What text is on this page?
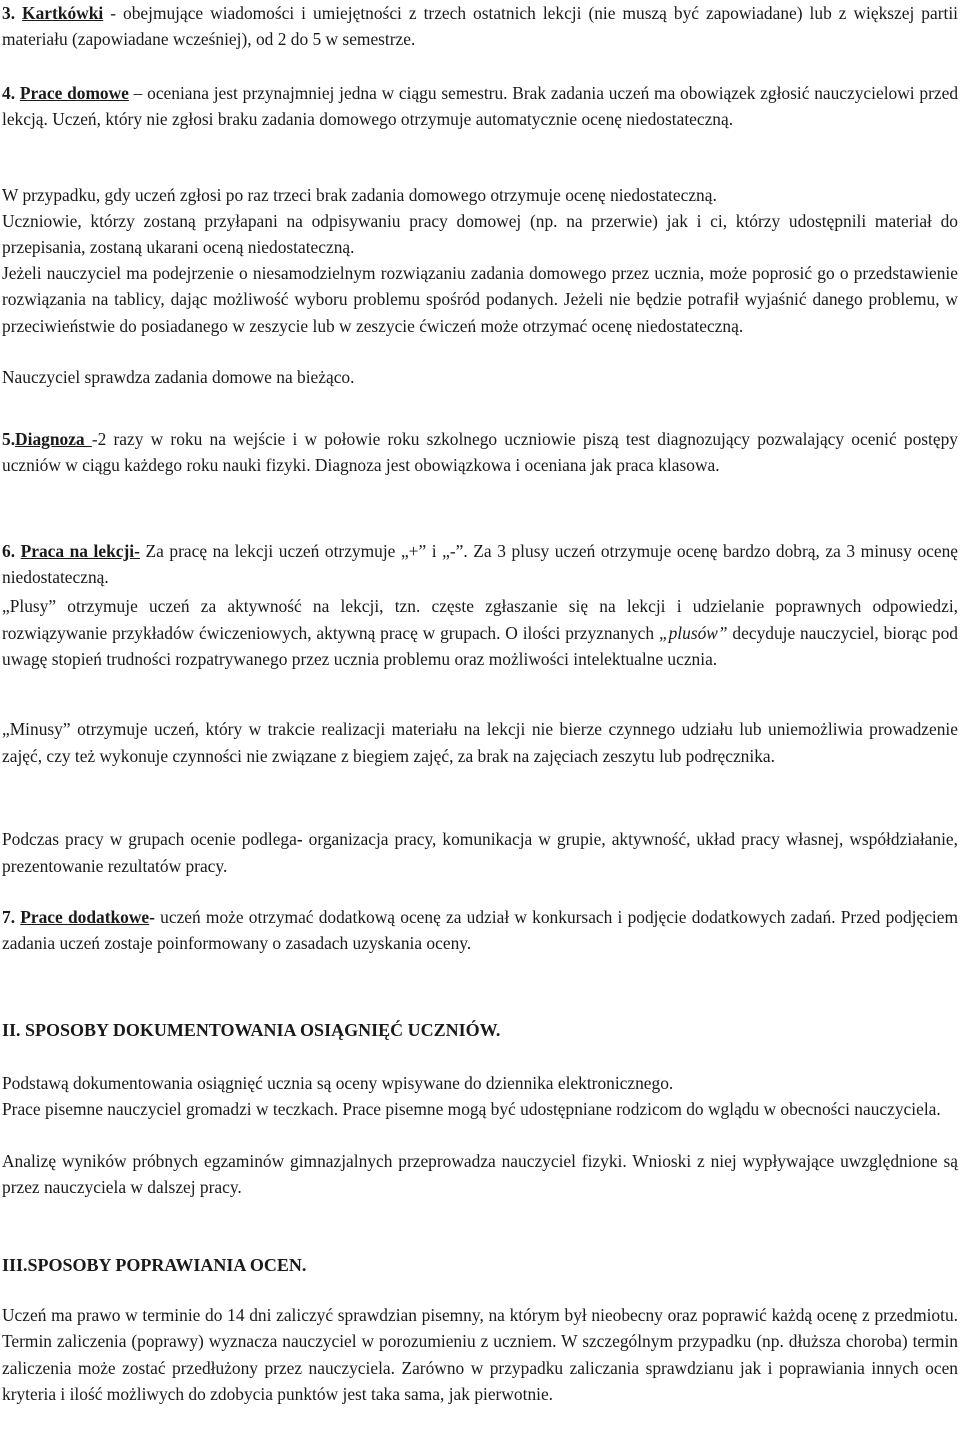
3. Kartkówki - obejmujące wiadomości i umiejętności z trzech ostatnich lekcji (nie muszą być zapowiadane) lub z większej partii materiału (zapowiadane wcześniej), od 2 do 5 w semestrze.
4. Prace domowe – oceniana jest przynajmniej jedna w ciągu semestru. Brak zadania uczeń ma obowiązek zgłosić nauczycielowi przed lekcją. Uczeń, który nie zgłosi braku zadania domowego otrzymuje automatycznie ocenę niedostateczną.
W przypadku, gdy uczeń zgłosi po raz trzeci brak zadania domowego otrzymuje ocenę niedostateczną.
Uczniowie, którzy zostaną przyłapani na odpisywaniu pracy domowej (np. na przerwie) jak i ci, którzy udostępnili materiał do przepisania, zostaną ukarani oceną niedostateczną.
Jeżeli nauczyciel ma podejrzenie o niesamodzielnym rozwiązaniu zadania domowego przez ucznia, może poprosić go o przedstawienie rozwiązania na tablicy, dając możliwość wyboru problemu spośród podanych. Jeżeli nie będzie potrafił wyjaśnić danego problemu, w przeciwieństwie do posiadanego w zeszycie lub w zeszycie ćwiczeń może otrzymać ocenę niedostateczną.
Nauczyciel sprawdza zadania domowe na bieżąco.
5.Diagnoza -2 razy w roku na wejście i w połowie roku szkolnego uczniowie piszą test diagnozujący pozwalający ocenić postępy uczniów w ciągu każdego roku nauki fizyki. Diagnoza jest obowiązkowa i oceniana jak praca klasowa.
6. Praca na lekcji- Za pracę na lekcji uczeń otrzymuje „+” i „-”. Za 3 plusy uczeń otrzymuje ocenę bardzo dobrą, za 3 minusy ocenę niedostateczną.
„Plusy” otrzymuje uczeń za aktywność na lekcji, tzn. częste zgłaszanie się na lekcji i udzielanie poprawnych odpowiedzi, rozwiązywanie przykładów ćwiczeniowych, aktywną pracę w grupach. O ilości przyznanych „plusów” decyduje nauczyciel, biorąc pod uwagę stopień trudności rozpatrywanego przez ucznia problemu oraz możliwości intelektualne ucznia.
„Minusy” otrzymuje uczeń, który w trakcie realizacji materiału na lekcji nie bierze czynnego udziału lub uniemożliwia prowadzenie zajęć, czy też wykonuje czynności nie związane z biegiem zajęć, za brak na zajęciach zeszytu lub podręcznika.
Podczas pracy w grupach ocenie podlega- organizacja pracy, komunikacja w grupie, aktywność, układ pracy własnej, współdziałanie, prezentowanie rezultatów pracy.
7. Prace dodatkowe- uczeń może otrzymać dodatkową ocenę za udział w konkursach i podjęcie dodatkowych zadań. Przed podjęciem zadania uczeń zostaje poinformowany o zasadach uzyskania oceny.
II. SPOSOBY DOKUMENTOWANIA OSIĄGNIĘĆ UCZNIÓW.
Podstawą dokumentowania osiągnięć ucznia są oceny wpisywane do dziennika elektronicznego.
Prace pisemne nauczyciel gromadzi w teczkach. Prace pisemne mogą być udostępniane rodzicom do wglądu w obecności nauczyciela.
Analizę wyników próbnych egzaminów gimnazjalnych przeprowadza nauczyciel fizyki. Wnioski z niej wypływające uwzględnione są przez nauczyciela w dalszej pracy.
III.SPOSOBY POPRAWIANIA OCEN.
Uczeń ma prawo w terminie do 14 dni zaliczyć sprawdzian pisemny, na którym był nieobecny oraz poprawić każdą ocenę z przedmiotu. Termin zaliczenia (poprawy) wyznacza nauczyciel w porozumieniu z uczniem. W szczególnym przypadku (np. dłuższa choroba) termin zaliczenia może zostać przedłużony przez nauczyciela. Zarówno w przypadku zaliczania sprawdzianu jak i poprawiania innych ocen kryteria i ilość możliwych do zdobycia punktów jest taka sama, jak pierwotnie.
